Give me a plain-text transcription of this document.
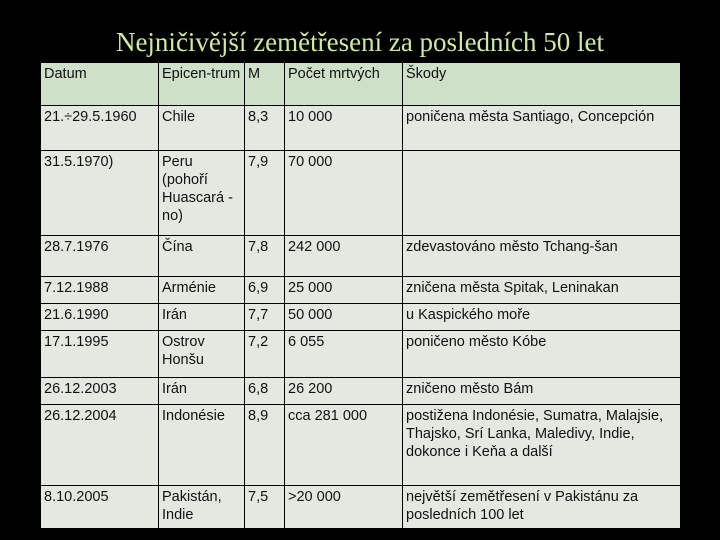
Nejničivější zemětřesení za posledních 50 let
Datum	Epicen-trum	M	Počet mrtvých	Škody
21.÷29.5.1960	Chile	8,3	10 000	poničena města Santiago, Concepción
31.5.1970)	Peru (pohoří Huascará -no)	7,9	70 000	
28.7.1976	Čína	7,8	242 000	zdevastováno město Tchang-šan
7.12.1988	Arménie	6,9	25 000	zničena města Spitak, Leninakan
21.6.1990	Irán	7,7	50 000	u Kaspického moře
17.1.1995	Ostrov Honšu	7,2	6 055	poničeno město Kóbe
26.12.2003	Irán	6,8	26 200	zničeno město Bám
26.12.2004	Indonésie	8,9	cca 281 000	postižena Indonésie, Sumatra, Malajsie, Thajsko, Srí Lanka, Maledivy, Indie, dokonce i Keňa a další
8.10.2005	Pakistán, Indie	7,5	>20 000	největší zemětřesení v Pakistánu za posledních 100 let
